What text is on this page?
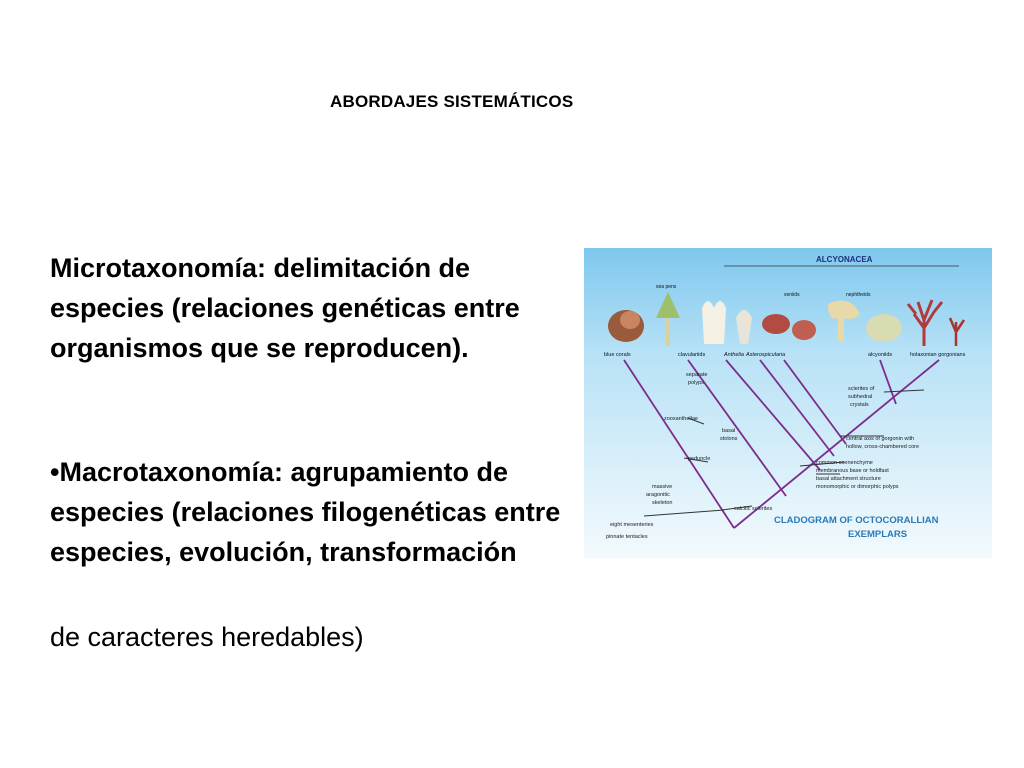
ABORDAJES SISTEMÁTICOS
Microtaxonomía: delimitación de
especies (relaciones genéticas entre
organismos que se reproducen).
•Macrotaxonomía: agrupamiento de
especies (relaciones filogenéticas entre
especies, evolución, transformación
de caracteres heredables)
ALCYONACEA
sea pens
xeniids	nephtheids
blue corals	clavulariids	Anthelia Asterospicularia	alcyoniids	holaxonian gorgonians
massive
aragonitic
skeleton
eight mesenteries
pinnate tentacles
calcitic sclerites
peduncle
separate
polyps
basal
stolons
zooxanthellae
central axis of gorgonin with
hollow, cross-chambered core
common coenenchyme
membranous base or holdfast
basal attachment structure
monomorphic or dimorphic polyps
sclerites of
subhedral
crystals
CLADOGRAM OF OCTOCORALLIAN
EXEMPLARS
